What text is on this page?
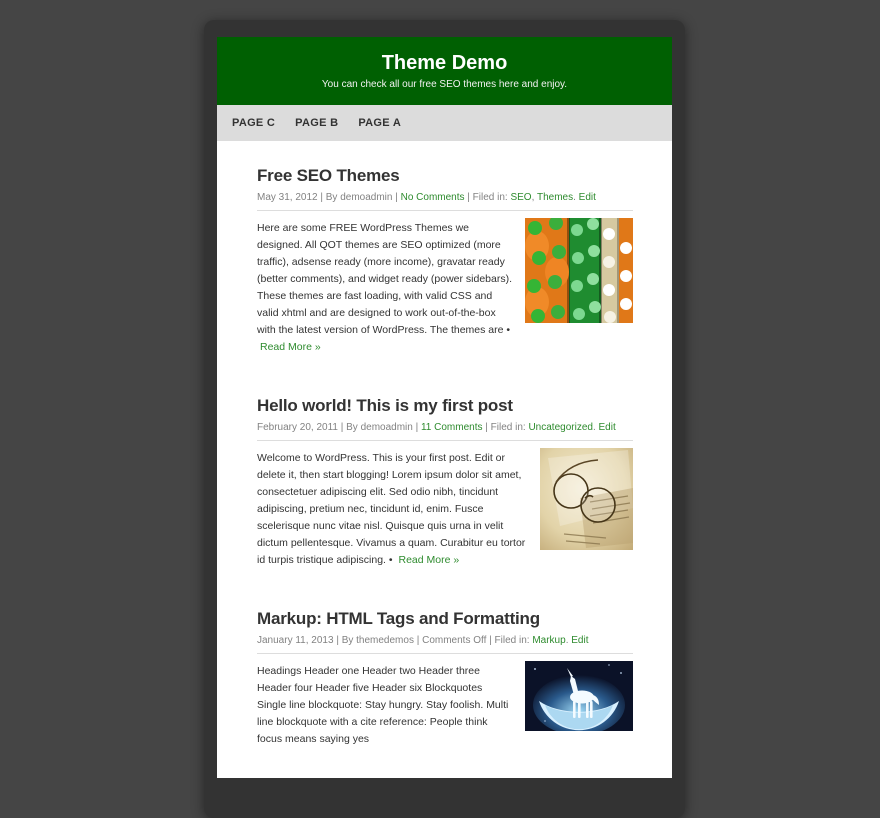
Theme Demo
You can check all our free SEO themes here and enjoy.
PAGE C PAGE B PAGE A
Free SEO Themes
May 31, 2012 | By demoadmin | No Comments | Filed in: SEO, Themes. Edit
Here are some FREE WordPress Themes we designed. All QOT themes are SEO optimized (more traffic), adsense ready (more income), gravatar ready (better comments), and widget ready (power sidebars). These themes are fast loading, with valid CSS and valid xhtml and are designed to work out-of-the-box with the latest version of WordPress. The themes are • Read More »
Hello world! This is my first post
February 20, 2011 | By demoadmin | 11 Comments | Filed in: Uncategorized. Edit
Welcome to WordPress. This is your first post. Edit or delete it, then start blogging! Lorem ipsum dolor sit amet, consectetuer adipiscing elit. Sed odio nibh, tincidunt adipiscing, pretium nec, tincidunt id, enim. Fusce scelerisque nunc vitae nisl. Quisque quis urna in velit dictum pellentesque. Vivamus a quam. Curabitur eu tortor id turpis tristique adipiscing. • Read More »
Markup: HTML Tags and Formatting
January 11, 2013 | By themedemos | Comments Off | Filed in: Markup. Edit
Headings Header one Header two Header three Header four Header five Header six Blockquotes Single line blockquote: Stay hungry. Stay foolish. Multi line blockquote with a cite reference: People think focus means saying yes
